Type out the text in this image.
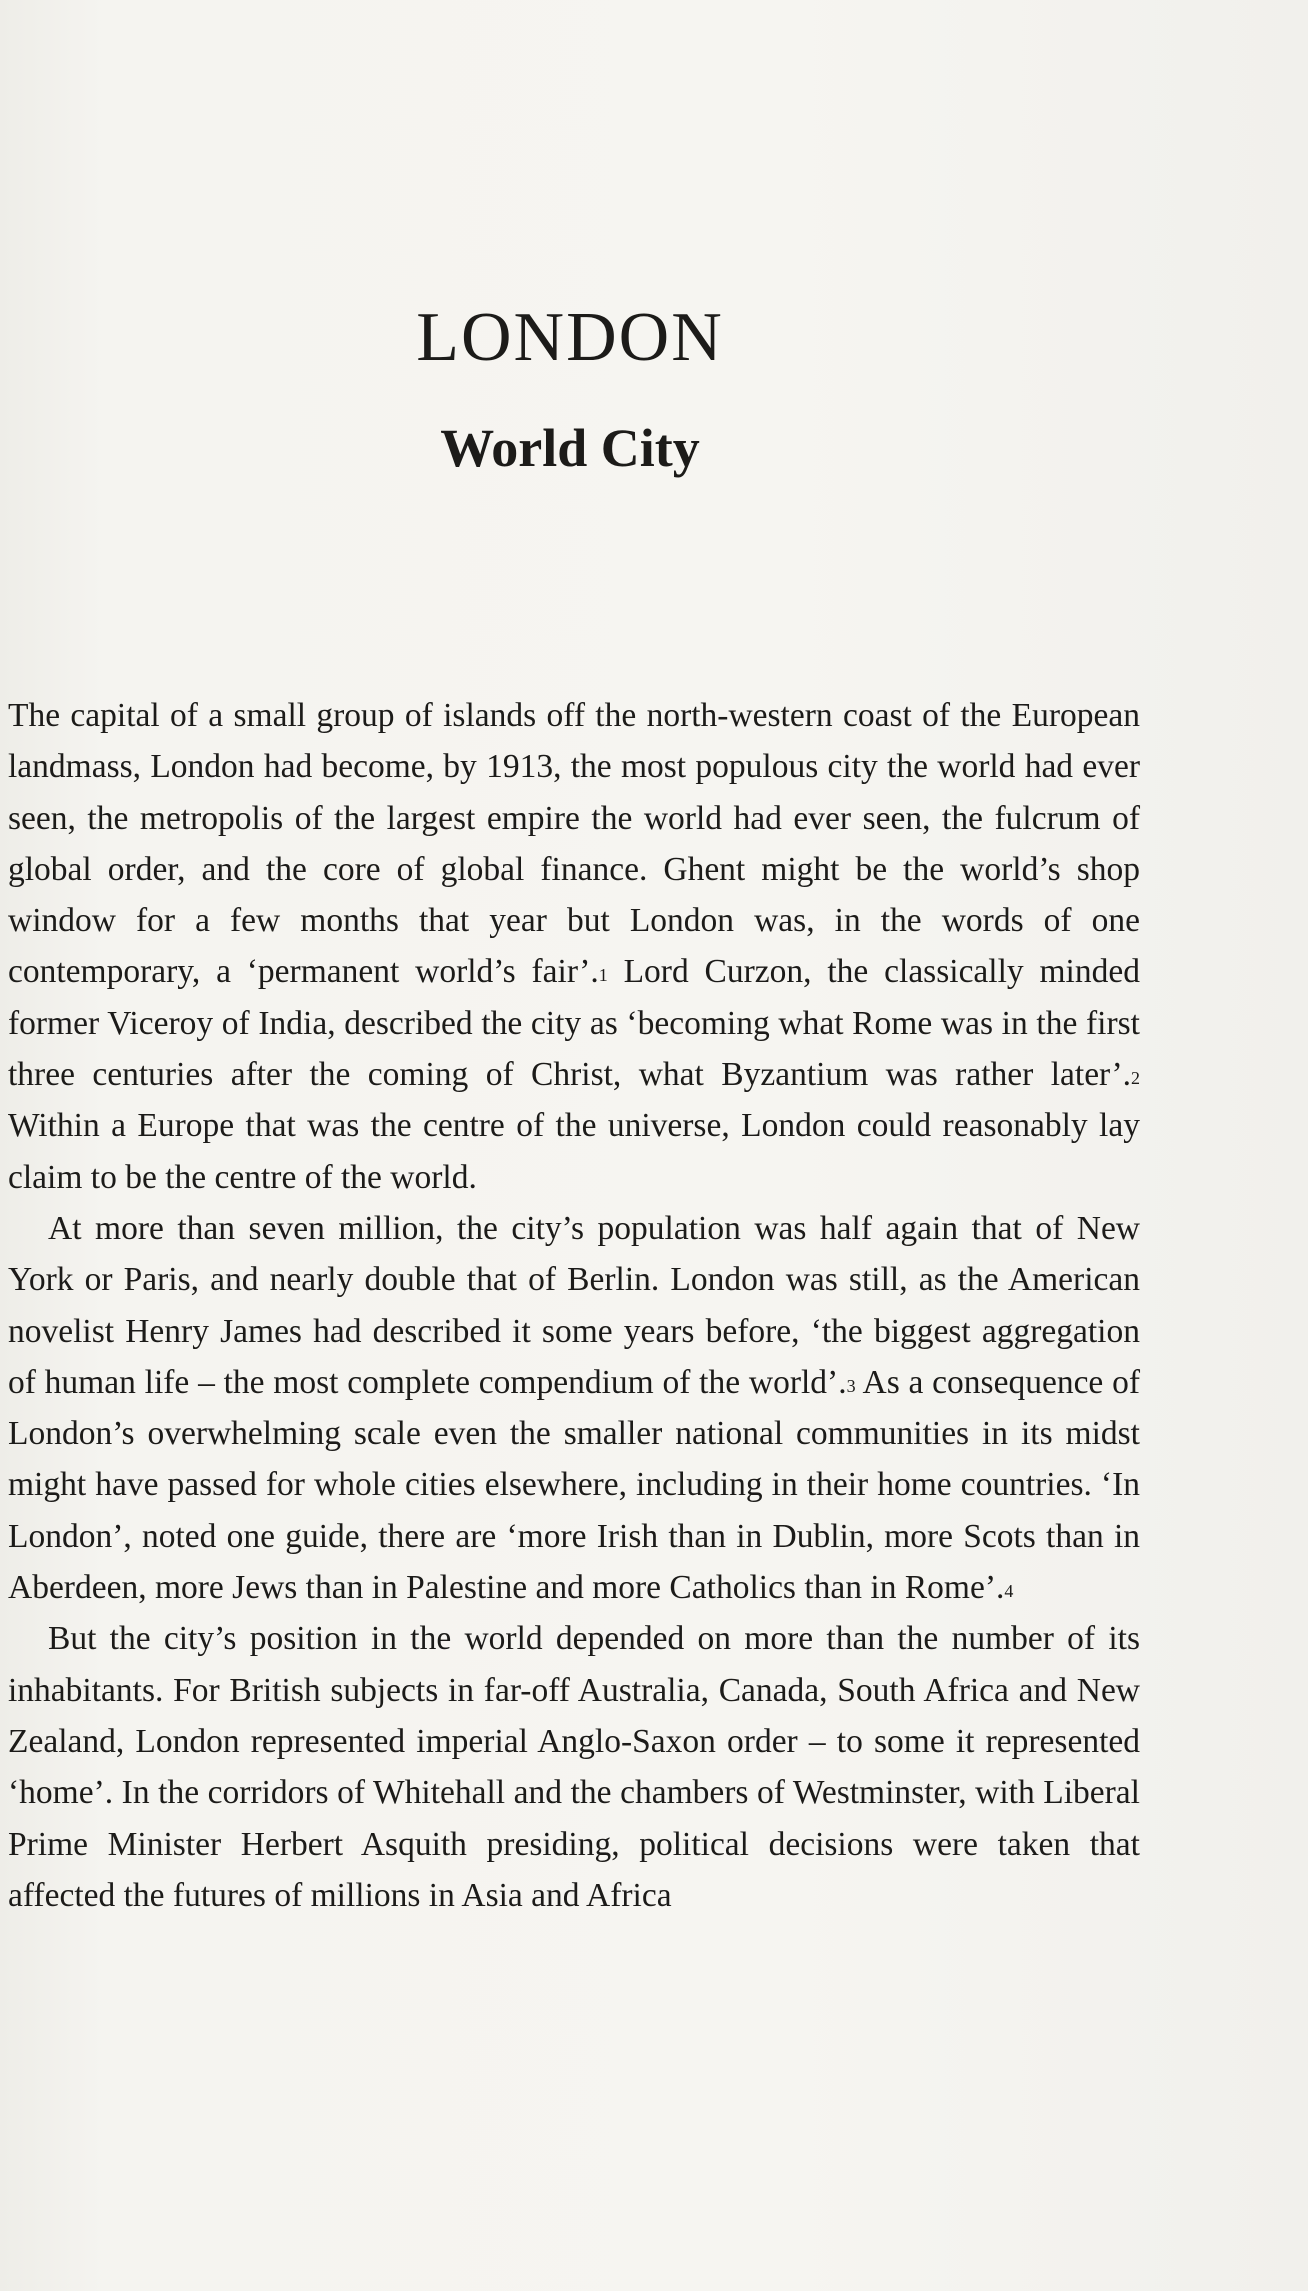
LONDON
World City

The capital of a small group of islands off the north-western coast of the European landmass, London had become, by 1913, the most populous city the world had ever seen, the metropolis of the largest empire the world had ever seen, the fulcrum of global order, and the core of global finance. Ghent might be the world’s shop window for a few months that year but London was, in the words of one contemporary, a ‘permanent world’s fair’.$^1$ Lord Curzon, the classically minded former Viceroy of India, described the city as ‘becoming what Rome was in the first three centuries after the coming of Christ, what Byzantium was rather later’.$^2$ Within a Europe that was the centre of the universe, London could reasonably lay claim to be the centre of the world.

At more than seven million, the city’s population was half again that of New York or Paris, and nearly double that of Berlin. London was still, as the American novelist Henry James had described it some years before, ‘the biggest aggregation of human life – the most complete compendium of the world’.$^3$ As a consequence of London’s overwhelming scale even the smaller national communities in its midst might have passed for whole cities elsewhere, including in their home countries. ‘In London’, noted one guide, there are ‘more Irish than in Dublin, more Scots than in Aberdeen, more Jews than in Palestine and more Catholics than in Rome’.$^4$

But the city’s position in the world depended on more than the number of its inhabitants. For British subjects in far-off Australia, Canada, South Africa and New Zealand, London represented imperial Anglo-Saxon order – to some it represented ‘home’. In the corridors of Whitehall and the chambers of Westminster, with Liberal Prime Minister Herbert Asquith presiding, political decisions were taken that affected the futures of millions in Asia and Africa
